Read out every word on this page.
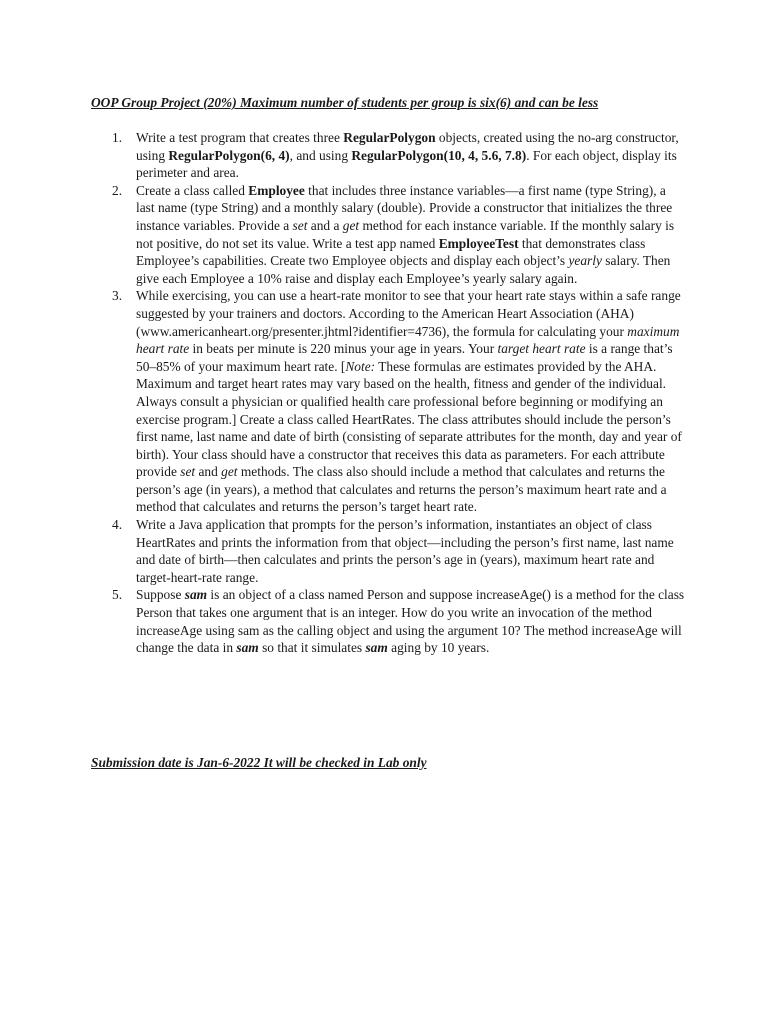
OOP Group Project (20%) Maximum number of students per group is six(6) and can be less

1. Write a test program that creates three RegularPolygon objects, created using the no-arg constructor, using RegularPolygon(6, 4), and using RegularPolygon(10, 4, 5.6, 7.8). For each object, display its perimeter and area.
2. Create a class called Employee that includes three instance variables—a first name (type String), a last name (type String) and a monthly salary (double). Provide a constructor that initializes the three instance variables. Provide a set and a get method for each instance variable. If the monthly salary is not positive, do not set its value. Write a test app named EmployeeTest that demonstrates class Employee’s capabilities. Create two Employee objects and display each object’s yearly salary. Then give each Employee a 10% raise and display each Employee’s yearly salary again.
3. While exercising, you can use a heart-rate monitor to see that your heart rate stays within a safe range suggested by your trainers and doctors. According to the American Heart Association (AHA) (www.americanheart.org/presenter.jhtml?identifier=4736), the formula for calculating your maximum heart rate in beats per minute is 220 minus your age in years. Your target heart rate is a range that’s 50–85% of your maximum heart rate. [Note: These formulas are estimates provided by the AHA. Maximum and target heart rates may vary based on the health, fitness and gender of the individual. Always consult a physician or qualified health care professional before beginning or modifying an exercise program.] Create a class called HeartRates. The class attributes should include the person’s first name, last name and date of birth (consisting of separate attributes for the month, day and year of birth). Your class should have a constructor that receives this data as parameters. For each attribute provide set and get methods. The class also should include a method that calculates and returns the person’s age (in years), a method that calculates and returns the person’s maximum heart rate and a method that calculates and returns the person’s target heart rate.
4. Write a Java application that prompts for the person’s information, instantiates an object of class HeartRates and prints the information from that object—including the person’s first name, last name and date of birth—then calculates and prints the person’s age in (years), maximum heart rate and target-heart-rate range.
5. Suppose sam is an object of a class named Person and suppose increaseAge() is a method for the class Person that takes one argument that is an integer. How do you write an invocation of the method increaseAge using sam as the calling object and using the argument 10? The method increaseAge will change the data in sam so that it simulates sam aging by 10 years.

Submission date is Jan-6-2022 It will be checked in Lab only
